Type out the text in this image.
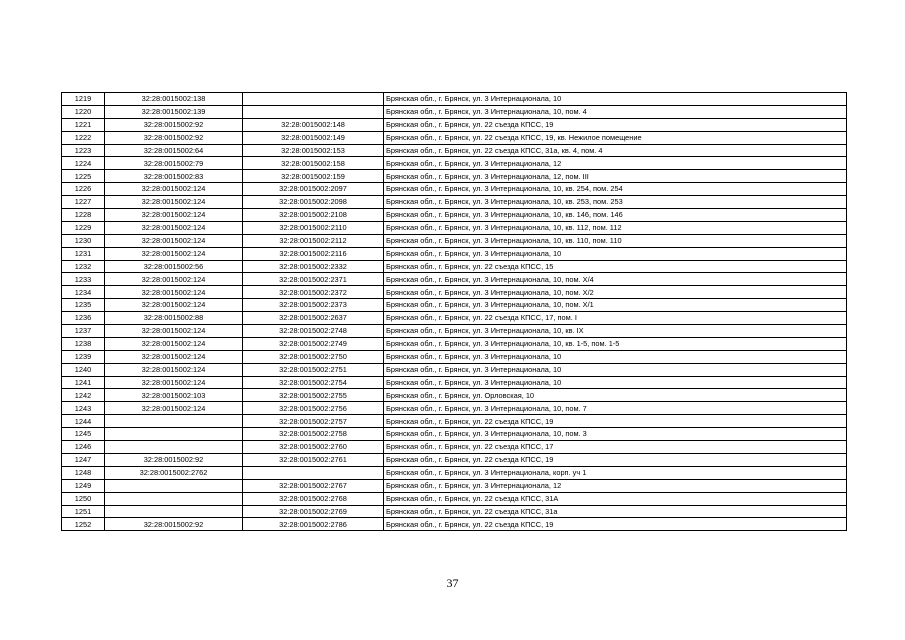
1219	32:28:0015002:138		Брянская обл., г. Брянск, ул. 3 Интернационала, 10
1220	32:28:0015002:139		Брянская обл., г. Брянск, ул. 3 Интернационала, 10, пом. 4
1221	32:28:0015002:92	32:28:0015002:148	Брянская обл., г. Брянск, ул. 22 съезда КПСС, 19
1222	32:28:0015002:92	32:28:0015002:149	Брянская обл., г. Брянск, ул. 22 съезда КПСС, 19, кв. Нежилое помещение
1223	32:28:0015002:64	32:28:0015002:153	Брянская обл., г. Брянск, ул. 22 съезда КПСС, 31а, кв. 4, пом. 4
1224	32:28:0015002:79	32:28:0015002:158	Брянская обл., г. Брянск, ул. 3 Интернационала, 12
1225	32:28:0015002:83	32:28:0015002:159	Брянская обл., г. Брянск, ул. 3 Интернационала, 12, пом. III
1226	32:28:0015002:124	32:28:0015002:2097	Брянская обл., г. Брянск, ул. 3 Интернационала, 10, кв. 254, пом. 254
1227	32:28:0015002:124	32:28:0015002:2098	Брянская обл., г. Брянск, ул. 3 Интернационала, 10, кв. 253, пом. 253
1228	32:28:0015002:124	32:28:0015002:2108	Брянская обл., г. Брянск, ул. 3 Интернационала, 10, кв. 146, пом. 146
1229	32:28:0015002:124	32:28:0015002:2110	Брянская обл., г. Брянск, ул. 3 Интернационала, 10, кв. 112, пом. 112
1230	32:28:0015002:124	32:28:0015002:2112	Брянская обл., г. Брянск, ул. 3 Интернационала, 10, кв. 110, пом. 110
1231	32:28:0015002:124	32:28:0015002:2116	Брянская обл., г. Брянск, ул. 3 Интернационала, 10
1232	32:28:0015002:56	32:28:0015002:2332	Брянская обл., г. Брянск, ул. 22 съезда КПСС, 15
1233	32:28:0015002:124	32:28:0015002:2371	Брянская обл., г. Брянск, ул. 3 Интернационала, 10, пом. X/4
1234	32:28:0015002:124	32:28:0015002:2372	Брянская обл., г. Брянск, ул. 3 Интернационала, 10, пом. X/2
1235	32:28:0015002:124	32:28:0015002:2373	Брянская обл., г. Брянск, ул. 3 Интернационала, 10, пом. X/1
1236	32:28:0015002:88	32:28:0015002:2637	Брянская обл., г. Брянск, ул. 22 съезда КПСС, 17, пом. I
1237	32:28:0015002:124	32:28:0015002:2748	Брянская обл., г. Брянск, ул. 3 Интернационала, 10, кв. IX
1238	32:28:0015002:124	32:28:0015002:2749	Брянская обл., г. Брянск, ул. 3 Интернационала, 10, кв. 1-5, пом. 1-5
1239	32:28:0015002:124	32:28:0015002:2750	Брянская обл., г. Брянск, ул. 3 Интернационала, 10
1240	32:28:0015002:124	32:28:0015002:2751	Брянская обл., г. Брянск, ул. 3 Интернационала, 10
1241	32:28:0015002:124	32:28:0015002:2754	Брянская обл., г. Брянск, ул. 3 Интернационала, 10
1242	32:28:0015002:103	32:28:0015002:2755	Брянская обл., г. Брянск, ул. Орловская, 10
1243	32:28:0015002:124	32:28:0015002:2756	Брянская обл., г. Брянск, ул. 3 Интернационала, 10, пом. 7
1244		32:28:0015002:2757	Брянская обл., г. Брянск, ул. 22 съезда КПСС, 19
1245		32:28:0015002:2758	Брянская обл., г. Брянск, ул. 3 Интернационала, 10, пом. 3
1246		32:28:0015002:2760	Брянская обл., г. Брянск, ул. 22 съезда КПСС, 17
1247	32:28:0015002:92	32:28:0015002:2761	Брянская обл., г. Брянск, ул. 22 съезда КПСС, 19
1248	32:28:0015002:2762		Брянская обл., г. Брянск, ул. 3 Интернационала, корп. уч 1
1249		32:28:0015002:2767	Брянская обл., г. Брянск, ул. 3 Интернационала, 12
1250		32:28:0015002:2768	Брянская обл., г. Брянск, ул. 22 съезда КПСС, 31А
1251		32:28:0015002:2769	Брянская обл., г. Брянск, ул. 22 съезда КПСС, 31а
1252	32:28:0015002:92	32:28:0015002:2786	Брянская обл., г. Брянск, ул. 22 съезда КПСС, 19
37
